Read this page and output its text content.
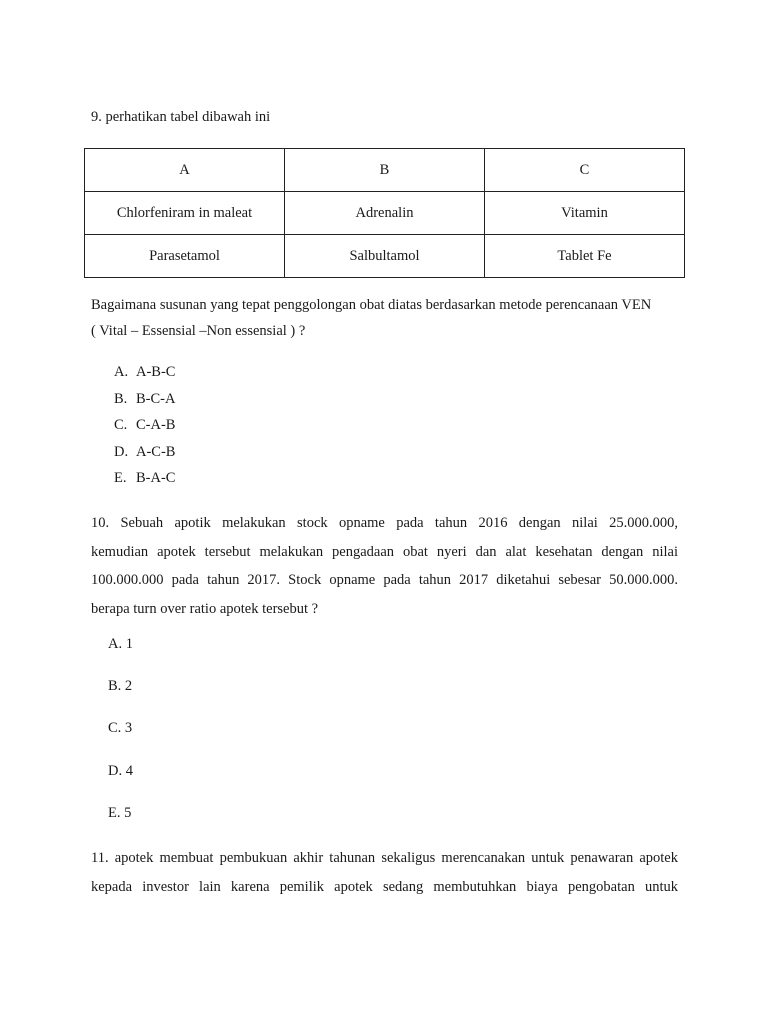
9. perhatikan tabel dibawah ini

A	B	C
Chlorfeniram in maleat	Adrenalin	Vitamin
Parasetamol	Salbultamol	Tablet Fe

Bagaimana susunan yang tepat penggolongan obat diatas berdasarkan metode perencanaan VEN
( Vital – Essensial –Non essensial ) ?

A. A-B-C
B. B-C-A
C. C-A-B
D. A-C-B
E. B-A-C

10. Sebuah apotik melakukan stock opname pada tahun 2016 dengan nilai 25.000.000,
kemudian apotek tersebut melakukan pengadaan obat nyeri dan alat kesehatan dengan nilai
100.000.000 pada tahun 2017. Stock opname pada tahun 2017 diketahui sebesar 50.000.000.
berapa turn over ratio apotek tersebut ?

A. 1
B. 2
C. 3
D. 4
E. 5

11. apotek membuat pembukuan akhir tahunan sekaligus merencanakan untuk penawaran apotek
kepada investor lain karena pemilik apotek sedang membutuhkan biaya pengobatan untuk
